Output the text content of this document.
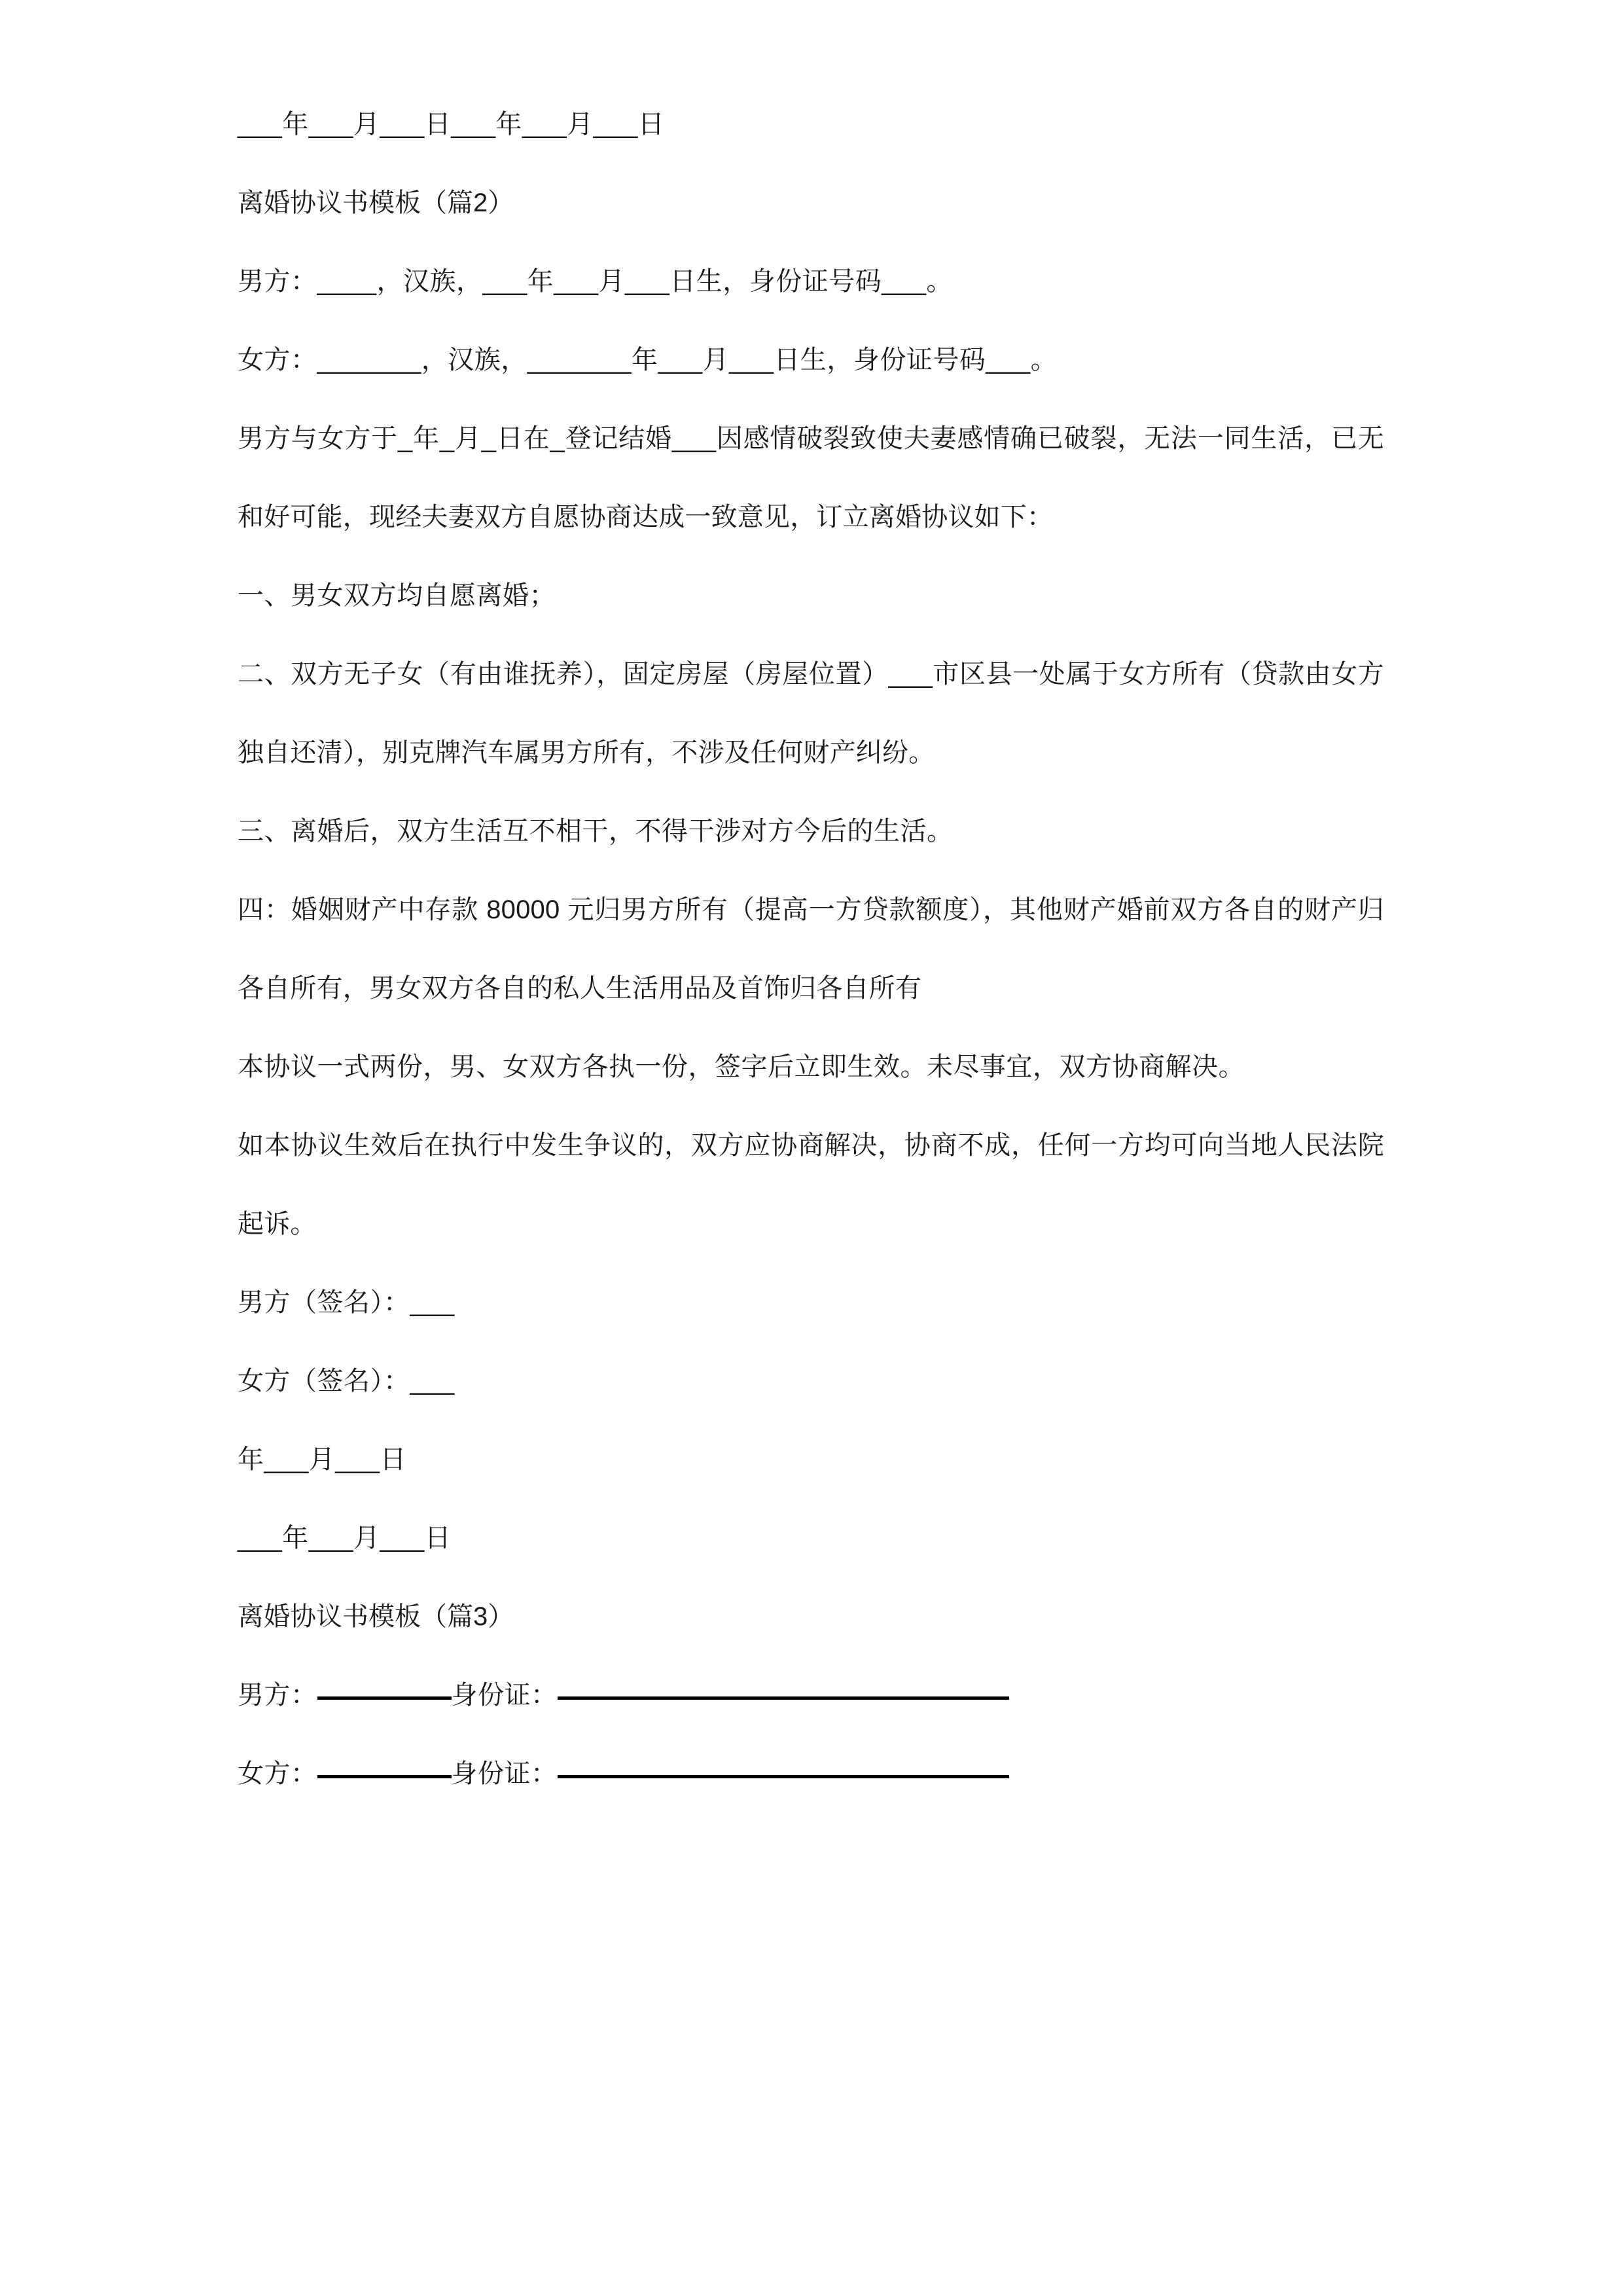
___年___月___日___年___月___日
离婚协议书模板（篇2）
男方：____，汉族，___年___月___日生，身份证号码___。
女方：_______，汉族，_______年___月___日生，身份证号码___。
男方与女方于_年_月_日在_登记结婚___因感情破裂致使夫妻感情确已破裂，无法一同生活，已无和好可能，现经夫妻双方自愿协商达成一致意见，订立离婚协议如下：
一、男女双方均自愿离婚；
二、双方无子女（有由谁抚养），固定房屋（房屋位置）___市区县一处属于女方所有（贷款由女方独自还清），别克牌汽车属男方所有，不涉及任何财产纠纷。
三、离婚后，双方生活互不相干，不得干涉对方今后的生活。
四：婚姻财产中存款 80000 元归男方所有（提高一方贷款额度），其他财产婚前双方各自的财产归各自所有，男女双方各自的私人生活用品及首饰归各自所有
本协议一式两份，男、女双方各执一份，签字后立即生效。未尽事宜，双方协商解决。
如本协议生效后在执行中发生争议的，双方应协商解决，协商不成，任何一方均可向当地人民法院起诉。
男方（签名）：___
女方（签名）：___
年___月___日
___年___月___日
离婚协议书模板（篇3）
男方：	身份证：
女方：	身份证：
